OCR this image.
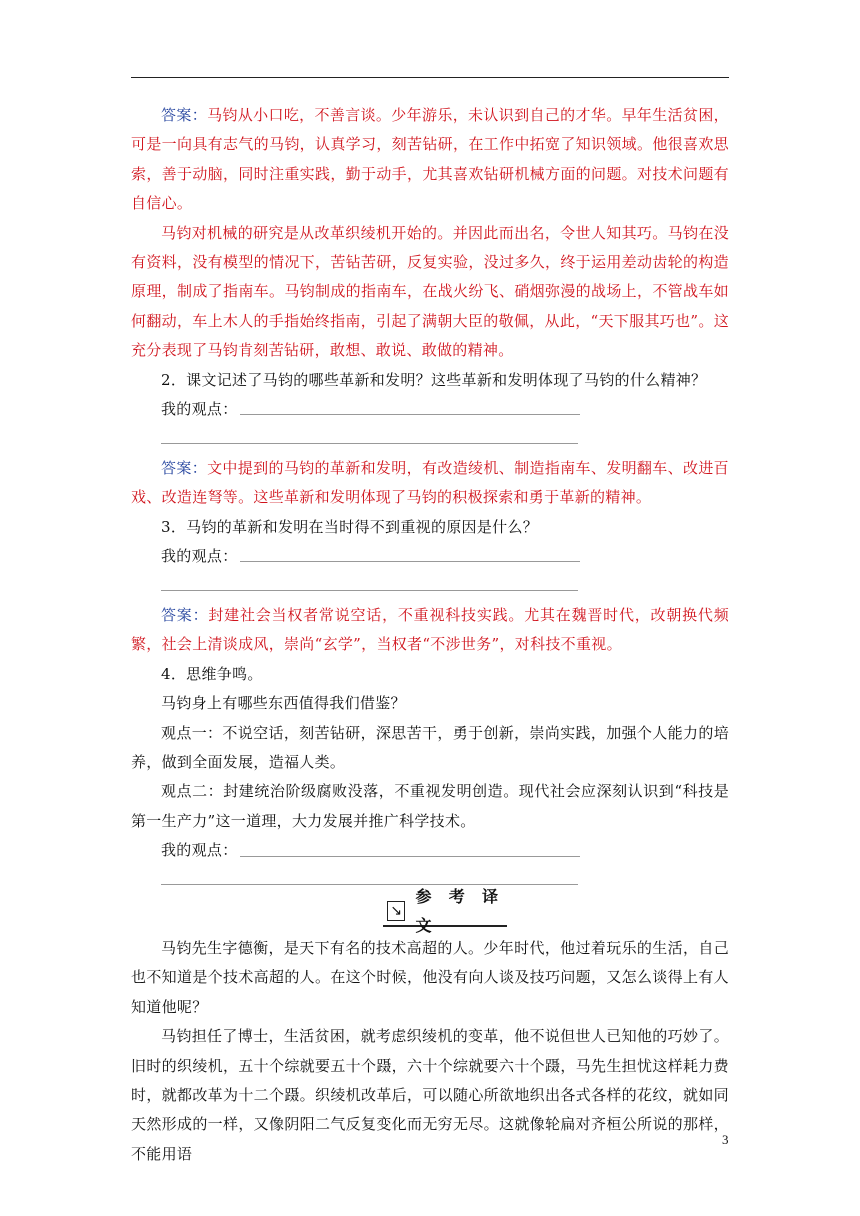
答案：马钧从小口吃，不善言谈。少年游乐，未认识到自己的才华。早年生活贫困，可是一向具有志气的马钧，认真学习，刻苦钻研，在工作中拓宽了知识领域。他很喜欢思索，善于动脑，同时注重实践，勤于动手，尤其喜欢钻研机械方面的问题。对技术问题有自信心。

马钧对机械的研究是从改革织绫机开始的。并因此而出名，令世人知其巧。马钧在没有资料，没有模型的情况下，苦钻苦研，反复实验，没过多久，终于运用差动齿轮的构造原理，制成了指南车。马钧制成的指南车，在战火纷飞、硝烟弥漫的战场上，不管战车如何翻动，车上木人的手指始终指南，引起了满朝大臣的敬佩，从此，“天下服其巧也”。这充分表现了马钧肯刻苦钻研，敢想、敢说、敢做的精神。

2．课文记述了马钧的哪些革新和发明？这些革新和发明体现了马钧的什么精神？

我的观点：

答案：文中提到的马钧的革新和发明，有改造绫机、制造指南车、发明翻车、改进百戏、改造连弩等。这些革新和发明体现了马钧的积极探索和勇于革新的精神。

3．马钧的革新和发明在当时得不到重视的原因是什么？

我的观点：

答案：封建社会当权者常说空话，不重视科技实践。尤其在魏晋时代，改朝换代频繁，社会上清谈成风，崇尚“玄学”，当权者“不涉世务”，对科技不重视。

4．思维争鸣。

马钧身上有哪些东西值得我们借鉴？

观点一：不说空话，刻苦钻研，深思苦干，勇于创新，崇尚实践，加强个人能力的培养，做到全面发展，造福人类。

观点二：封建统治阶级腐败没落，不重视发明创造。现代社会应深刻认识到“科技是第一生产力”这一道理，大力发展并推广科学技术。

我的观点：
↘
参考译文

马钧先生字德衡，是天下有名的技术高超的人。少年时代，他过着玩乐的生活，自己也不知道是个技术高超的人。在这个时候，他没有向人谈及技巧问题，又怎么谈得上有人知道他呢？

马钧担任了博士，生活贫困，就考虑织绫机的变革，他不说但世人已知他的巧妙了。旧时的织绫机，五十个综就要五十个蹑，六十个综就要六十个蹑，马先生担忧这样耗力费时，就都改革为十二个蹑。织绫机改革后，可以随心所欲地织出各式各样的花纹，就如同天然形成的一样，又像阴阳二气反复变化而无穷无尽。这就像轮扁对齐桓公所说的那样，不能用语

3
